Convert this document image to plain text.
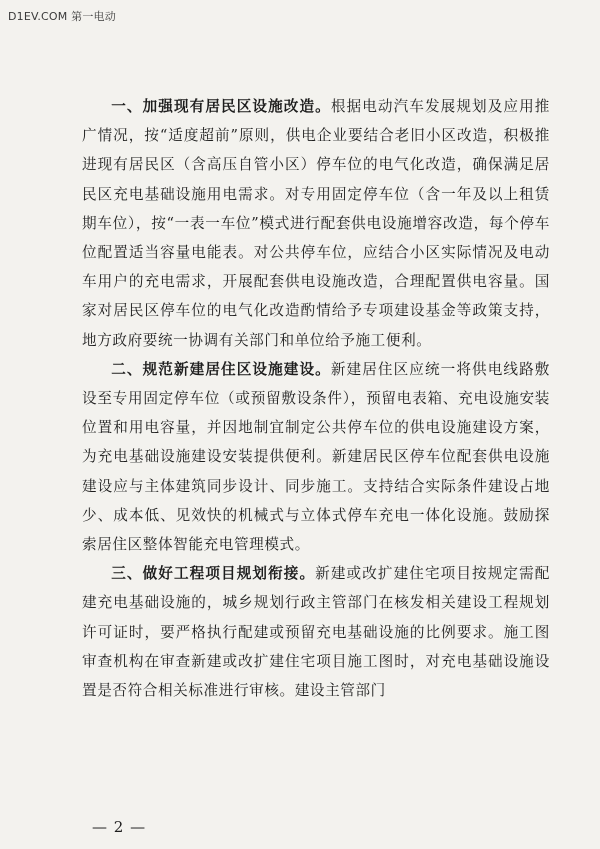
D1EV.COM 第一电动

一、加强现有居民区设施改造。根据电动汽车发展规划及应用推广情况，按“适度超前”原则，供电企业要结合老旧小区改造，积极推进现有居民区（含高压自管小区）停车位的电气化改造，确保满足居民区充电基础设施用电需求。对专用固定停车位（含一年及以上租赁期车位），按“一表一车位”模式进行配套供电设施增容改造，每个停车位配置适当容量电能表。对公共停车位，应结合小区实际情况及电动车用户的充电需求，开展配套供电设施改造，合理配置供电容量。国家对居民区停车位的电气化改造酌情给予专项建设基金等政策支持，地方政府要统一协调有关部门和单位给予施工便利。

二、规范新建居住区设施建设。新建居住区应统一将供电线路敷设至专用固定停车位（或预留敷设条件），预留电表箱、充电设施安装位置和用电容量，并因地制宜制定公共停车位的供电设施建设方案，为充电基础设施建设安装提供便利。新建居民区停车位配套供电设施建设应与主体建筑同步设计、同步施工。支持结合实际条件建设占地少、成本低、见效快的机械式与立体式停车充电一体化设施。鼓励探索居住区整体智能充电管理模式。

三、做好工程项目规划衔接。新建或改扩建住宅项目按规定需配建充电基础设施的，城乡规划行政主管部门在核发相关建设工程规划许可证时，要严格执行配建或预留充电基础设施的比例要求。施工图审查机构在审查新建或改扩建住宅项目施工图时，对充电基础设施设置是否符合相关标准进行审核。建设主管部门

— 2 —
